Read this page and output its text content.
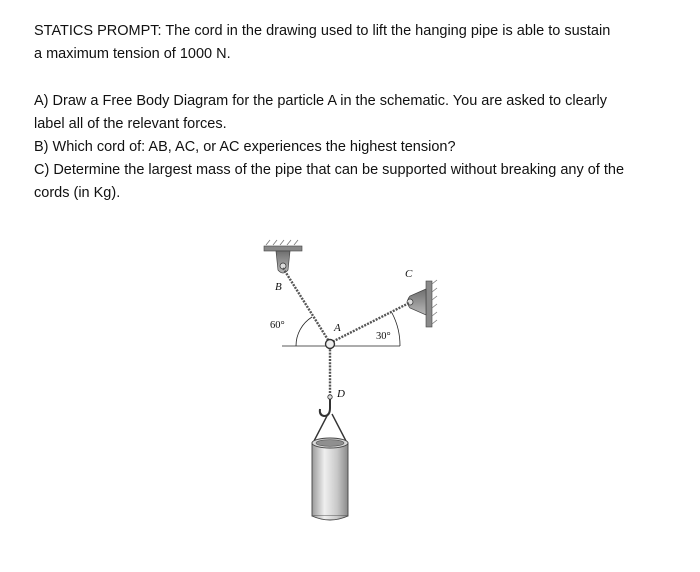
STATICS PROMPT: The cord in the drawing used to lift the hanging pipe is able to sustain

a maximum tension of 1000 N.

A) Draw a Free Body Diagram for the particle A in the schematic. You are asked to clearly

label all of the relevant forces.

B) Which cord of: AB, AC, or AC experiences the highest tension?

C) Determine the largest mass of the pipe that can be supported without breaking any of the

cords (in Kg).

B
C
A
D
60°
30°
